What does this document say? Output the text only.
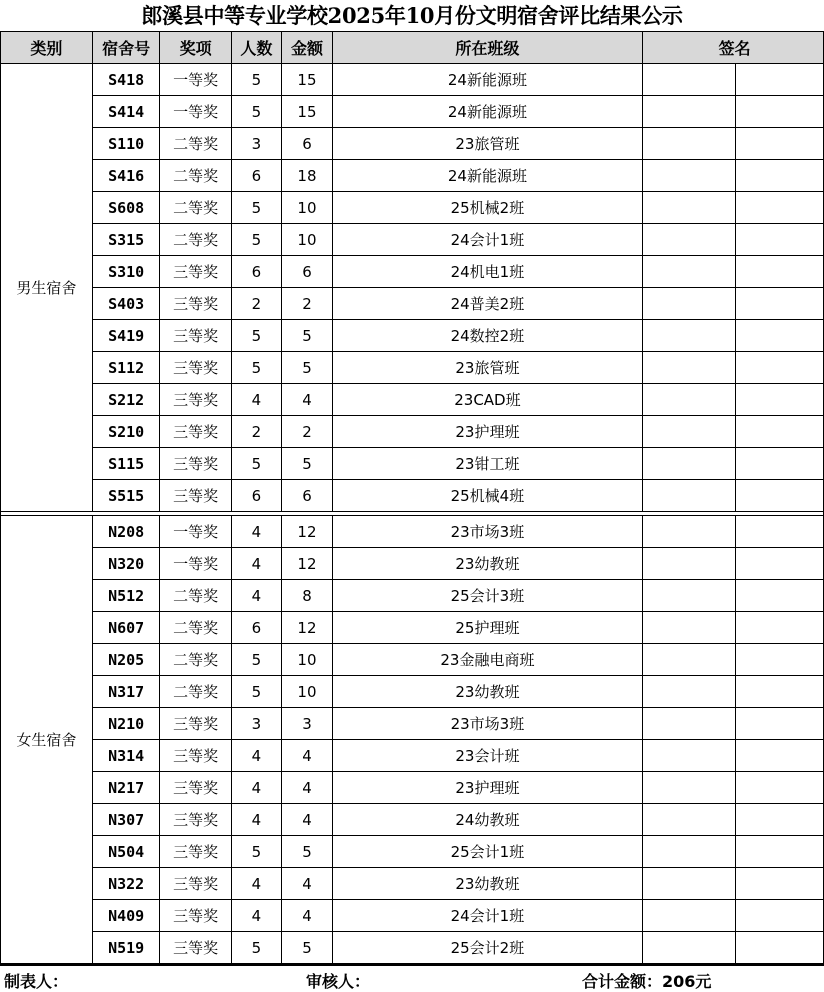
郎溪县中等专业学校2025年10月份文明宿舍评比结果公示
类别	宿舍号	奖项	人数	金额	所在班级	签名	
男生宿舍	S418	一等奖	5	15	24新能源班		
	S414	一等奖	5	15	24新能源班		
	S110	二等奖	3	6	23旅管班		
	S416	二等奖	6	18	24新能源班		
	S608	二等奖	5	10	25机械2班		
	S315	二等奖	5	10	24会计1班		
	S310	三等奖	6	6	24机电1班		
	S403	三等奖	2	2	24普美2班		
	S419	三等奖	5	5	24数控2班		
	S112	三等奖	5	5	23旅管班		
	S212	三等奖	4	4	23CAD班		
	S210	三等奖	2	2	23护理班		
	S115	三等奖	5	5	23钳工班		
	S515	三等奖	6	6	25机械4班		

女生宿舍	N208	一等奖	4	12	23市场3班		
	N320	一等奖	4	12	23幼教班		
	N512	二等奖	4	8	25会计3班		
	N607	二等奖	6	12	25护理班		
	N205	二等奖	5	10	23金融电商班		
	N317	二等奖	5	10	23幼教班		
	N210	三等奖	3	3	23市场3班		
	N314	三等奖	4	4	23会计班		
	N217	三等奖	4	4	23护理班		
	N307	三等奖	4	4	24幼教班		
	N504	三等奖	5	5	25会计1班		
	N322	三等奖	4	4	23幼教班		
	N409	三等奖	4	4	24会计1班		
	N519	三等奖	5	5	25会计2班		
制表人：	审核人：	合计金额：206元
